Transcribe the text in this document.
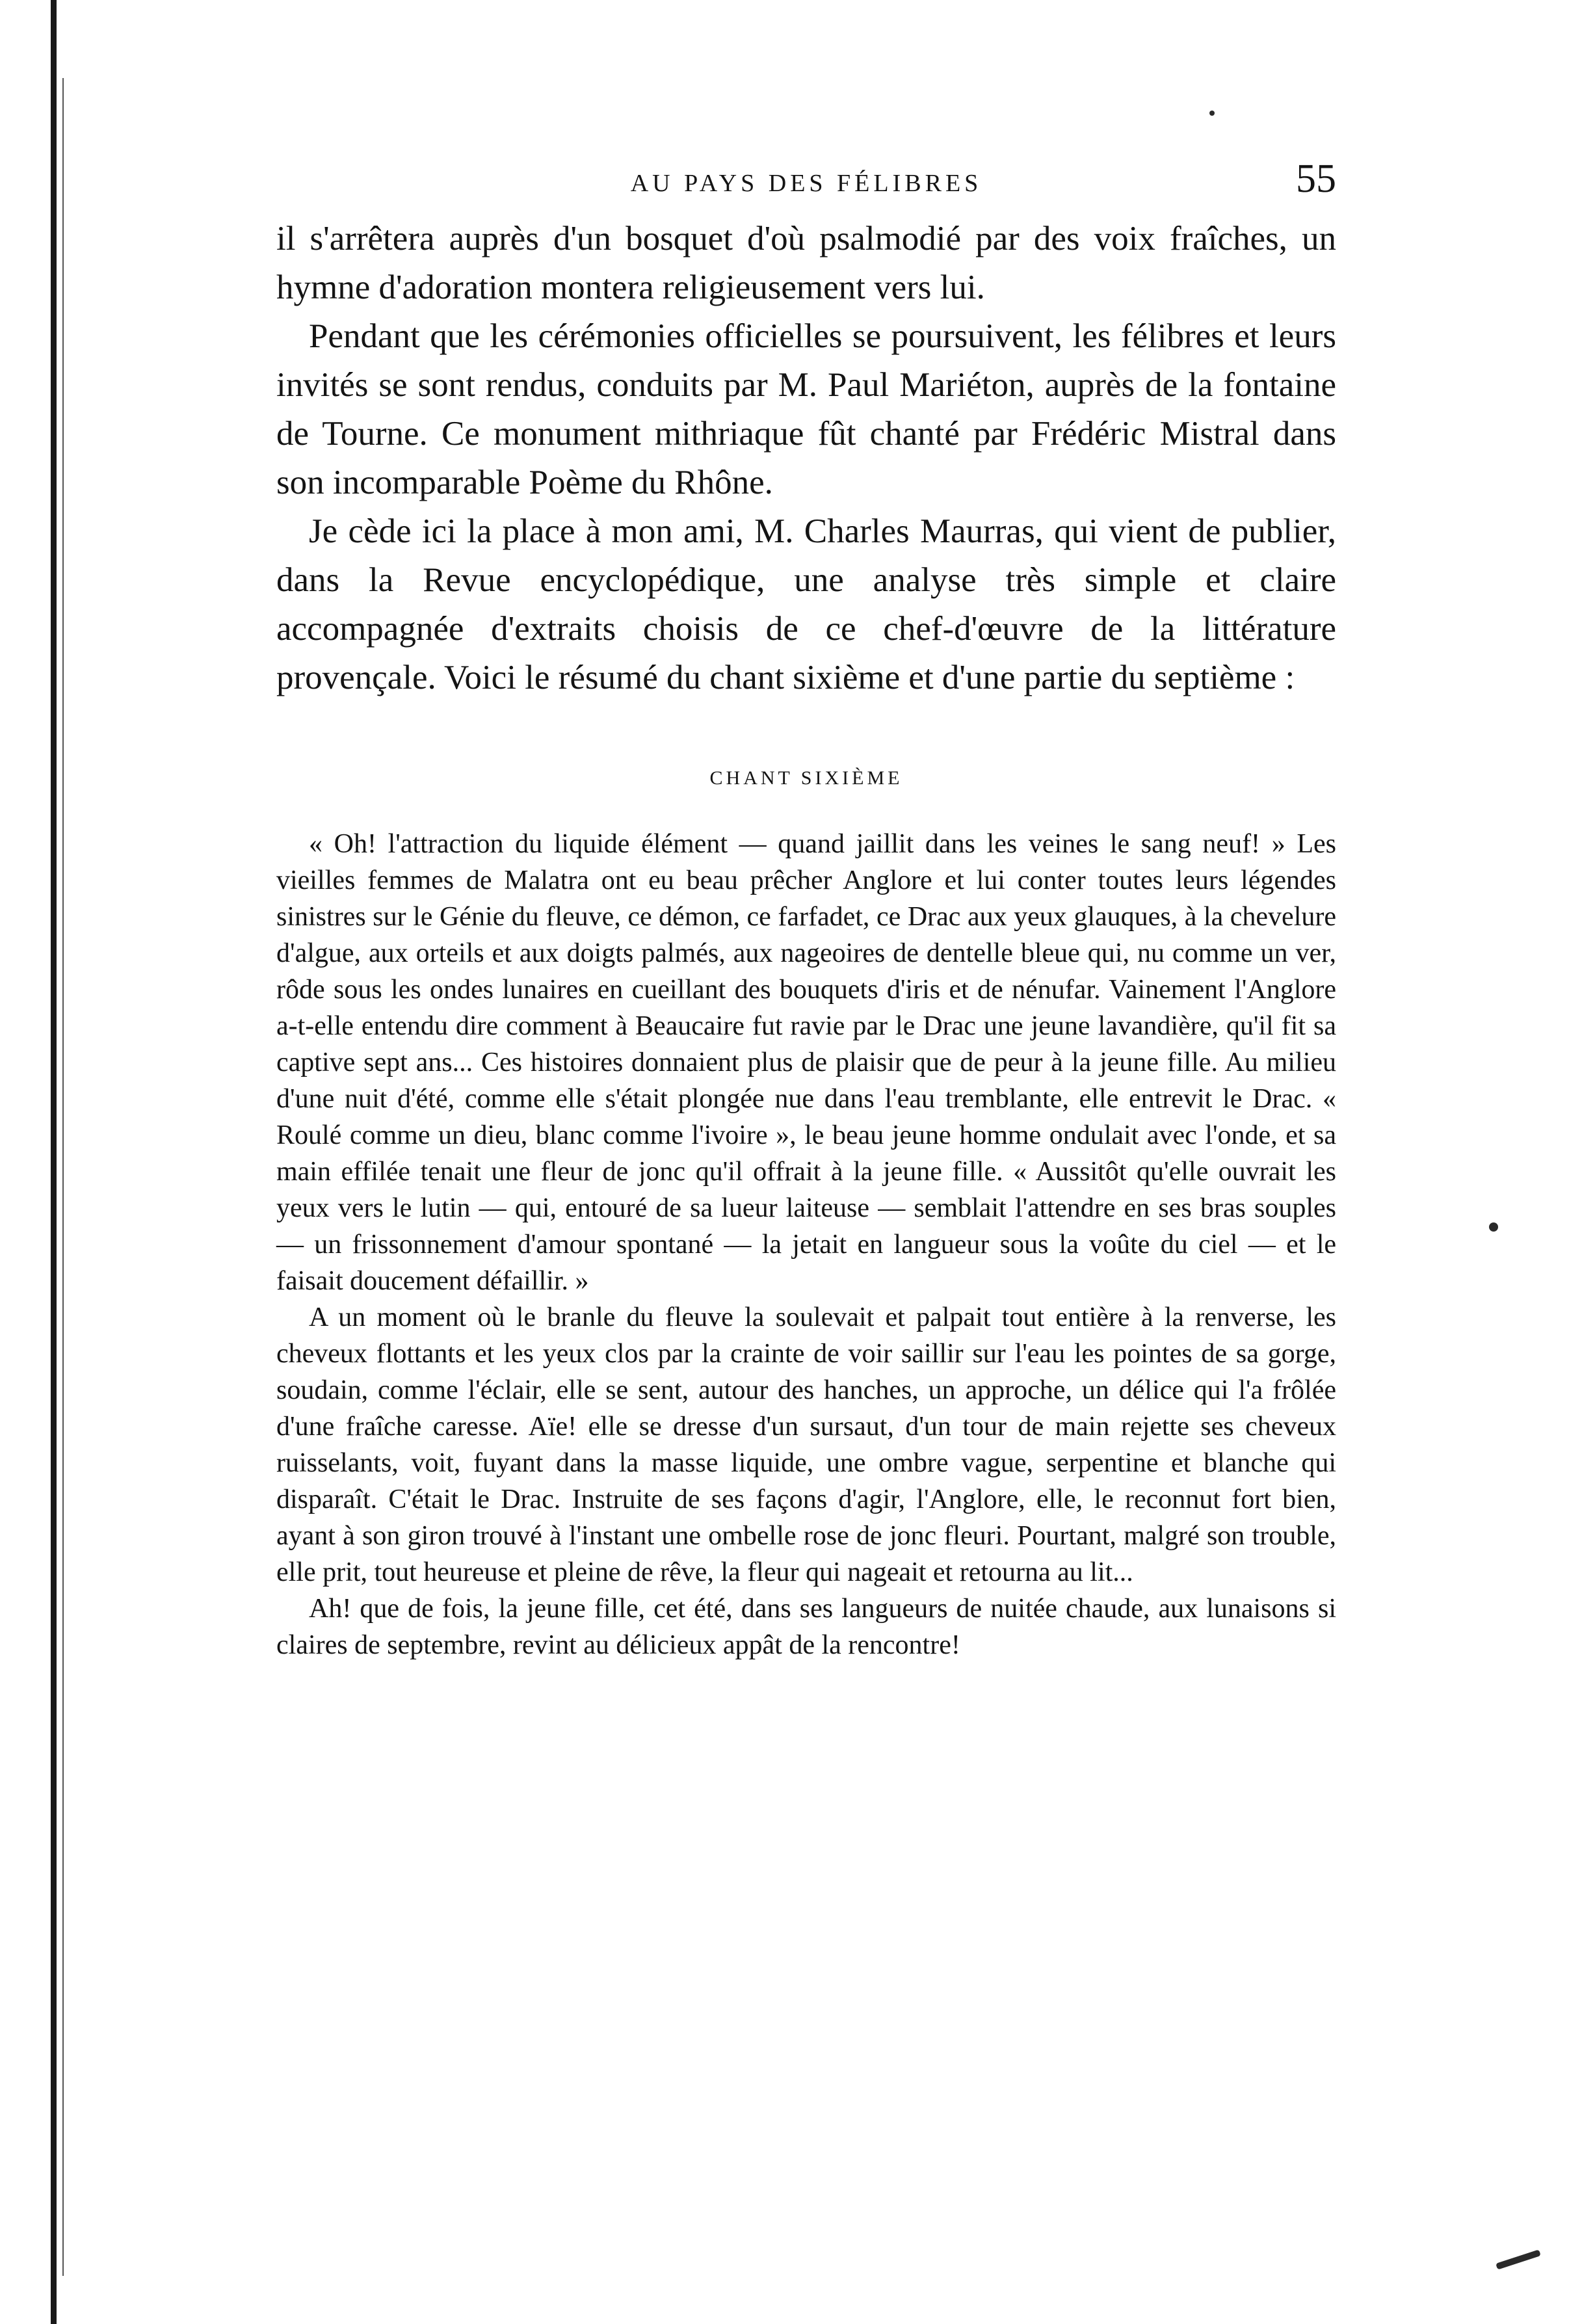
AU PAYS DES FÉLIBRES	55

il s'arrêtera auprès d'un bosquet d'où psalmodié par des voix fraîches, un hymne d'adoration montera religieusement vers lui.

Pendant que les cérémonies officielles se poursuivent, les félibres et leurs invités se sont rendus, conduits par M. Paul Mariéton, auprès de la fontaine de Tourne. Ce monument mithriaque fût chanté par Frédéric Mistral dans son incomparable Poème du Rhône.

Je cède ici la place à mon ami, M. Charles Maurras, qui vient de publier, dans la Revue encyclopédique, une analyse très simple et claire accompagnée d'extraits choisis de ce chef-d'œuvre de la littérature provençale. Voici le résumé du chant sixième et d'une partie du septième :

CHANT SIXIÈME

« Oh! l'attraction du liquide élément — quand jaillit dans les veines le sang neuf! » Les vieilles femmes de Malatra ont eu beau prêcher Anglore et lui conter toutes leurs légendes sinistres sur le Génie du fleuve, ce démon, ce farfadet, ce Drac aux yeux glauques, à la chevelure d'algue, aux orteils et aux doigts palmés, aux nageoires de dentelle bleue qui, nu comme un ver, rôde sous les ondes lunaires en cueillant des bouquets d'iris et de nénufar. Vainement l'Anglore a-t-elle entendu dire comment à Beaucaire fut ravie par le Drac une jeune lavandière, qu'il fit sa captive sept ans... Ces histoires donnaient plus de plaisir que de peur à la jeune fille. Au milieu d'une nuit d'été, comme elle s'était plongée nue dans l'eau tremblante, elle entrevit le Drac. « Roulé comme un dieu, blanc comme l'ivoire », le beau jeune homme ondulait avec l'onde, et sa main effilée tenait une fleur de jonc qu'il offrait à la jeune fille. « Aussitôt qu'elle ouvrait les yeux vers le lutin — qui, entouré de sa lueur laiteuse — semblait l'attendre en ses bras souples — un frissonnement d'amour spontané — la jetait en langueur sous la voûte du ciel — et le faisait doucement défaillir. »

A un moment où le branle du fleuve la soulevait et palpait tout entière à la renverse, les cheveux flottants et les yeux clos par la crainte de voir saillir sur l'eau les pointes de sa gorge, soudain, comme l'éclair, elle se sent, autour des hanches, un approche, un délice qui l'a frôlée d'une fraîche caresse. Aïe! elle se dresse d'un sursaut, d'un tour de main rejette ses cheveux ruisselants, voit, fuyant dans la masse liquide, une ombre vague, serpentine et blanche qui disparaît. C'était le Drac. Instruite de ses façons d'agir, l'Anglore, elle, le reconnut fort bien, ayant à son giron trouvé à l'instant une ombelle rose de jonc fleuri. Pourtant, malgré son trouble, elle prit, tout heureuse et pleine de rêve, la fleur qui nageait et retourna au lit...

Ah! que de fois, la jeune fille, cet été, dans ses langueurs de nuitée chaude, aux lunaisons si claires de septembre, revint au délicieux appât de la rencontre!
